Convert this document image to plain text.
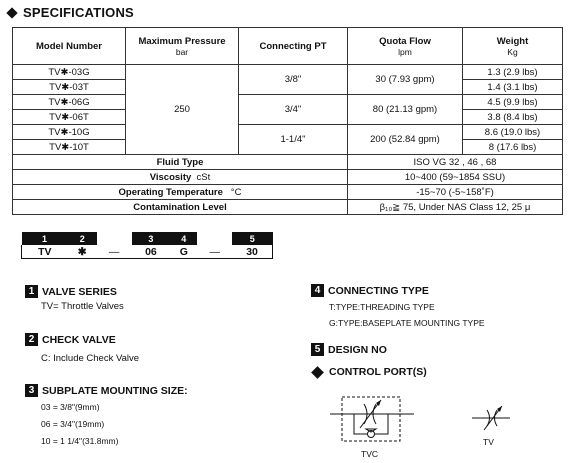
SPECIFICATIONS
Model Number	Maximum Pressure
bar	Connecting PT	Quota Flow
lpm	Weight
Kg

TV✱-03G	250	3/8"	30 (7.93 gpm)	1.3 (2.9 lbs)
TV✱-03T				1.4 (3.1 lbs)
TV✱-06G		3/4"	80 (21.13 gpm)	4.5 (9.9 lbs)
TV✱-06T				3.8 (8.4 lbs)
TV✱-10G		1-1/4"	200 (52.84 gpm)	8.6 (19.0 lbs)
TV✱-10T				8 (17.6 lbs)
Fluid Type			ISO VG 32 , 46 , 68	
Viscosity cSt			10~400 (59~1854 SSU)	
Operating Temperature °C			-15~70 (-5~158˚F)	
Contamination Level			β₁₀≧ 75, Under NAS Class 12, 25 μ	
1		2		3		4		5
TV		✱	—	06		G	—	30
1 VALVE SERIES
TV= Throttle Valves
2 CHECK VALVE
C: Include Check Valve
3 SUBPLATE MOUNTING SIZE:
03 = 3/8"(9mm)
06 = 3/4"(19mm)
10 = 1 1/4"(31.8mm)
4 CONNECTING TYPE
T:TYPE:THREADING TYPE
G:TYPE:BASEPLATE MOUNTING TYPE
5 DESIGN NO
CONTROL PORT(S)
TVC
TV
